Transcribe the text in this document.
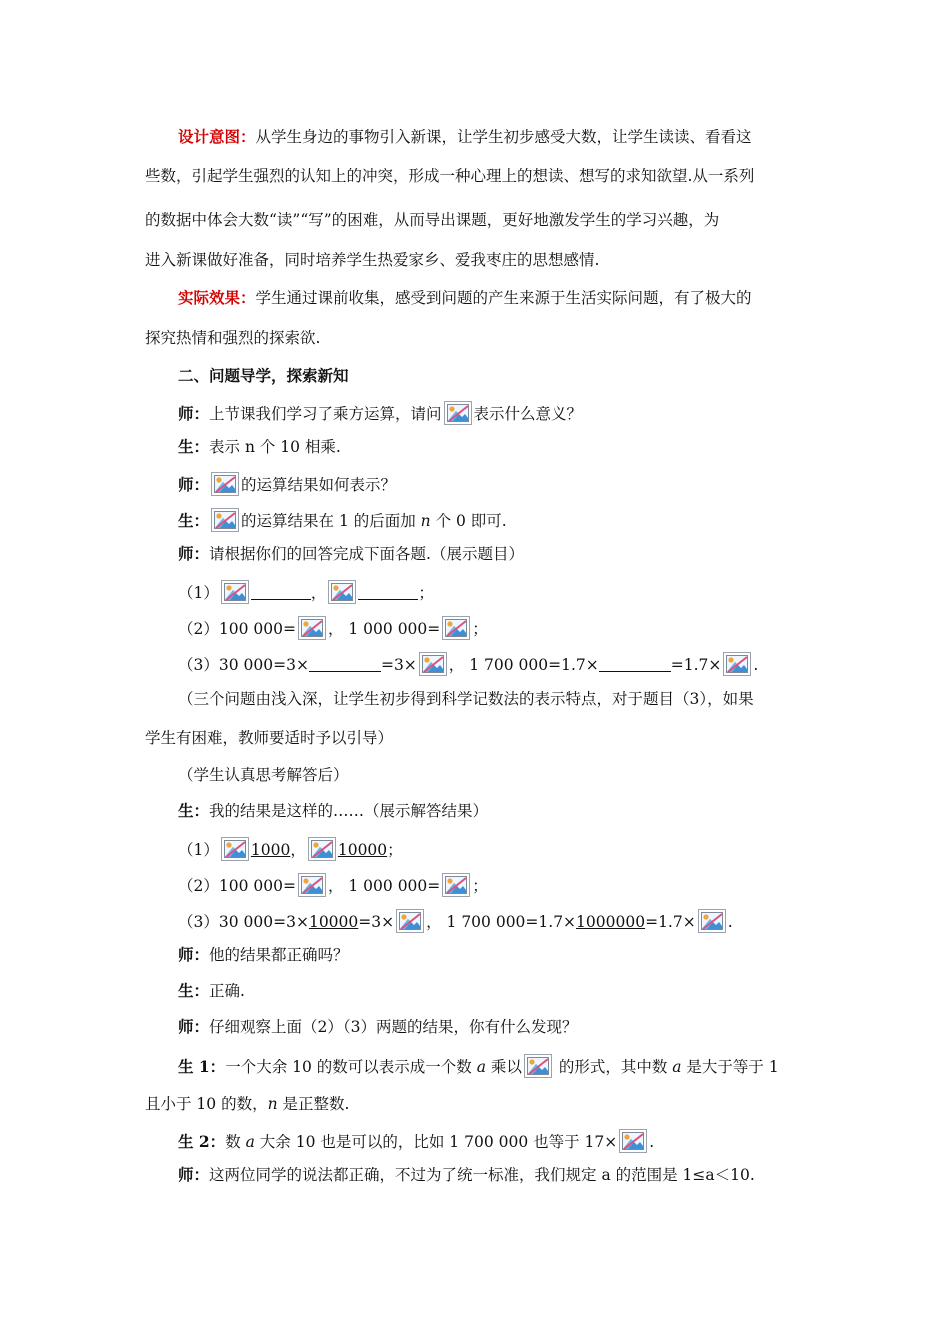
设计意图：从学生身边的事物引入新课，让学生初步感受大数，让学生读读、看看这
些数，引起学生强烈的认知上的冲突，形成一种心理上的想读、想写的求知欲望.从一系列
的数据中体会大数“读”“写”的困难，从而导出课题，更好地激发学生的学习兴趣，为
进入新课做好准备，同时培养学生热爱家乡、爱我枣庄的思想感情.
实际效果：学生通过课前收集，感受到问题的产生来源于生活实际问题，有了极大的
探究热情和强烈的探索欲.
二、问题导学，探索新知
师：上节课我们学习了乘方运算，请问 表示什么意义？
生：表示 n 个 10 相乘.
师： 的运算结果如何表示？
生： 的运算结果在 1 的后面加 n 个 0 即可.
师：请根据你们的回答完成下面各题.（展示题目）
（1）	，	；
（2）100 000= ， 1 000 000= ；
（3）30 000=3×	=3× ， 1 700 000=1.7×	=1.7× .
（三个问题由浅入深，让学生初步得到科学记数法的表示特点，对于题目（3），如果
学生有困难，教师要适时予以引导）
（学生认真思考解答后）
生：我的结果是这样的……（展示解答结果）
（1） 1000， 10000；
（2）100 000= ， 1 000 000= ；
（3）30 000=3×10000=3× ， 1 700 000=1.7×1000000=1.7× .
师：他的结果都正确吗？
生：正确.
师：仔细观察上面（2）（3）两题的结果，你有什么发现？
生 1：一个大余 10 的数可以表示成一个数 a 乘以
的形式，其中数 a 是大于等于 1
且小于 10 的数，n 是正整数.
生 2：数 a 大余 10 也是可以的，比如 1 700 000 也等于 17× .
师：这两位同学的说法都正确，不过为了统一标准，我们规定 a 的范围是 1≤a＜10.
